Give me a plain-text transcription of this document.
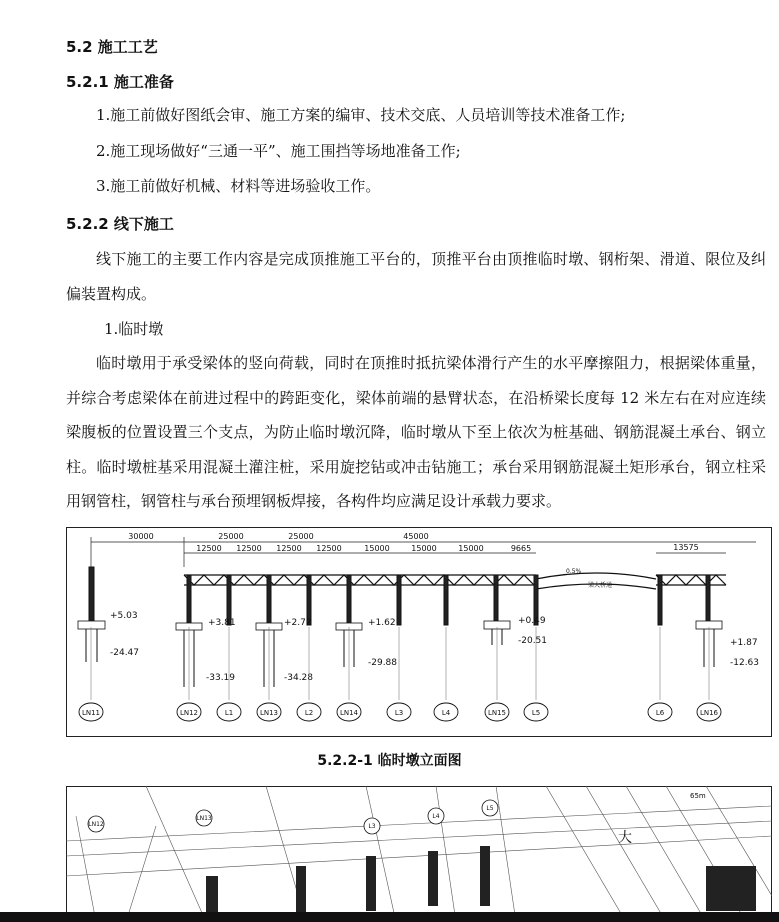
5.2 施工工艺
5.2.1 施工准备
1.施工前做好图纸会审、施工方案的编审、技术交底、人员培训等技术准备工作;
2.施工现场做好“三通一平”、施工围挡等场地准备工作;
3.施工前做好机械、材料等进场验收工作。
5.2.2 线下施工
线下施工的主要工作内容是完成顶推施工平台的，顶推平台由顶推临时墩、钢桁架、滑道、限位及纠偏装置构成。
1.临时墩
临时墩用于承受梁体的竖向荷载，同时在顶推时抵抗梁体滑行产生的水平摩擦阻力，根据梁体重量，并综合考虑梁体在前进过程中的跨距变化，梁体前端的悬臂状态，在沿桥梁长度每 12 米左右在对应连续梁腹板的位置设置三个支点，为防止临时墩沉降，临时墩从下至上依次为桩基础、钢筋混凝土承台、钢立柱。临时墩桩基采用混凝土灌注桩，采用旋挖钻或冲击钻施工；承台采用钢筋混凝土矩形承台，钢立柱采用钢管柱，钢管柱与承台预埋钢板焊接，各构件均应满足设计承载力要求。
30000	25000	25000	45000
13575
12500 12500 12500 12500	15000	15000	15000	9665
0.5%
梁大桥通
+5.03
-24.47
+3.81
-33.19
+2.72
-34.28
+1.62
-29.88
+0.49
-20.51	+1.87
-12.63
LN11	LN12	L1	LN13	L2	LN14	L3	L4	LN15	L5	L6	LN16
5.2.2-1 临时墩立面图
LN12
LN13
L3
L4
L5
大
65m
